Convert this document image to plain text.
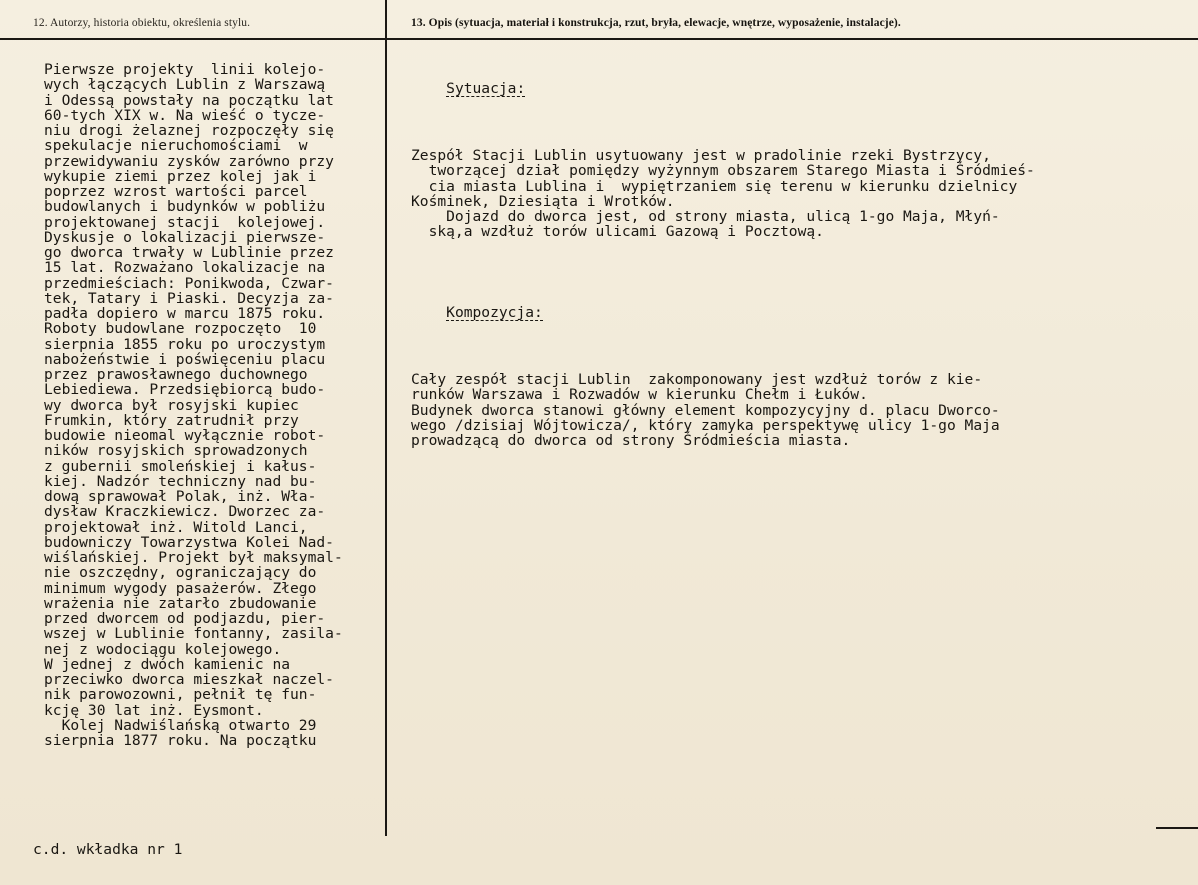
12. Autorzy, historia obiektu, określenia stylu.	13. Opis (sytuacja, materiał i konstrukcja, rzut, bryła, elewacje, wnętrze, wyposażenie, instalacje).
Pierwsze projekty  linii kolejo-
wych łączących Lublin z Warszawą
i Odessą powstały na początku lat
60-tych XIX w. Na wieść o tycze-
niu drogi żelaznej rozpoczęły się
spekulacje nieruchomościami  w
przewidywaniu zysków zarówno przy
wykupie ziemi przez kolej jak i
poprzez wzrost wartości parcel
budowlanych i budynków w pobliżu
projektowanej stacji  kolejowej.
Dyskusje o lokalizacji pierwsze-
go dworca trwały w Lublinie przez
15 lat. Rozważano lokalizacje na
przedmieściach: Ponikwoda, Czwar-
tek, Tatary i Piaski. Decyzja za-
padła dopiero w marcu 1875 roku.
Roboty budowlane rozpoczęto  10
sierpnia 1855 roku po uroczystym
nabożeństwie i poświęceniu placu
przez prawosławnego duchownego
Lebiediewa. Przedsiębiorcą budo-
wy dworca był rosyjski kupiec
Frumkin, który zatrudnił przy
budowie nieomal wyłącznie robot-
ników rosyjskich sprowadzonych
z gubernii smoleńskiej i kałus-
kiej. Nadzór techniczny nad bu-
dową sprawował Polak, inż. Wła-
dysław Kraczkiewicz. Dworzec za-
projektował inż. Witold Lanci,
budowniczy Towarzystwa Kolei Nad-
wiślańskiej. Projekt był maksymal-
nie oszczędny, ograniczający do
minimum wygody pasażerów. Złego
wrażenia nie zatarło zbudowanie
przed dworcem od podjazdu, pier-
wszej w Lublinie fontanny, zasila-
nej z wodociągu kolejowego.
W jednej z dwóch kamienic na
przeciwko dworca mieszkał naczel-
nik parowozowni, pełnił tę fun-
kcję 30 lat inż. Eysmont.
Kolej Nadwiślańską otwarto 29
sierpnia 1877 roku. Na początku

Sytuacja:

Zespół Stacji Lublin usytuowany jest w pradolinie rzeki Bystrzycy,
tworzącej dział pomiędzy wyżynnym obszarem Starego Miasta i Śródmieś-
cia miasta Lublina i  wypiętrzaniem się terenu w kierunku dzielnicy
Kośminek, Dziesiąta i Wrotków.
Dojazd do dworca jest, od strony miasta, ulicą 1-go Maja, Młyń-
ską,a wzdłuż torów ulicami Gazową i Pocztową.

Kompozycja:

Cały zespół stacji Lublin  zakomponowany jest wzdłuż torów z kie-
runków Warszawa i Rozwadów w kierunku Chełm i Łuków.
Budynek dworca stanowi główny element kompozycyjny d. placu Dworco-
wego /dzisiaj Wójtowicza/, który zamyka perspektywę ulicy 1-go Maja
prowadzącą do dworca od strony Śródmieścia miasta.

c.d. wkładka nr 1
